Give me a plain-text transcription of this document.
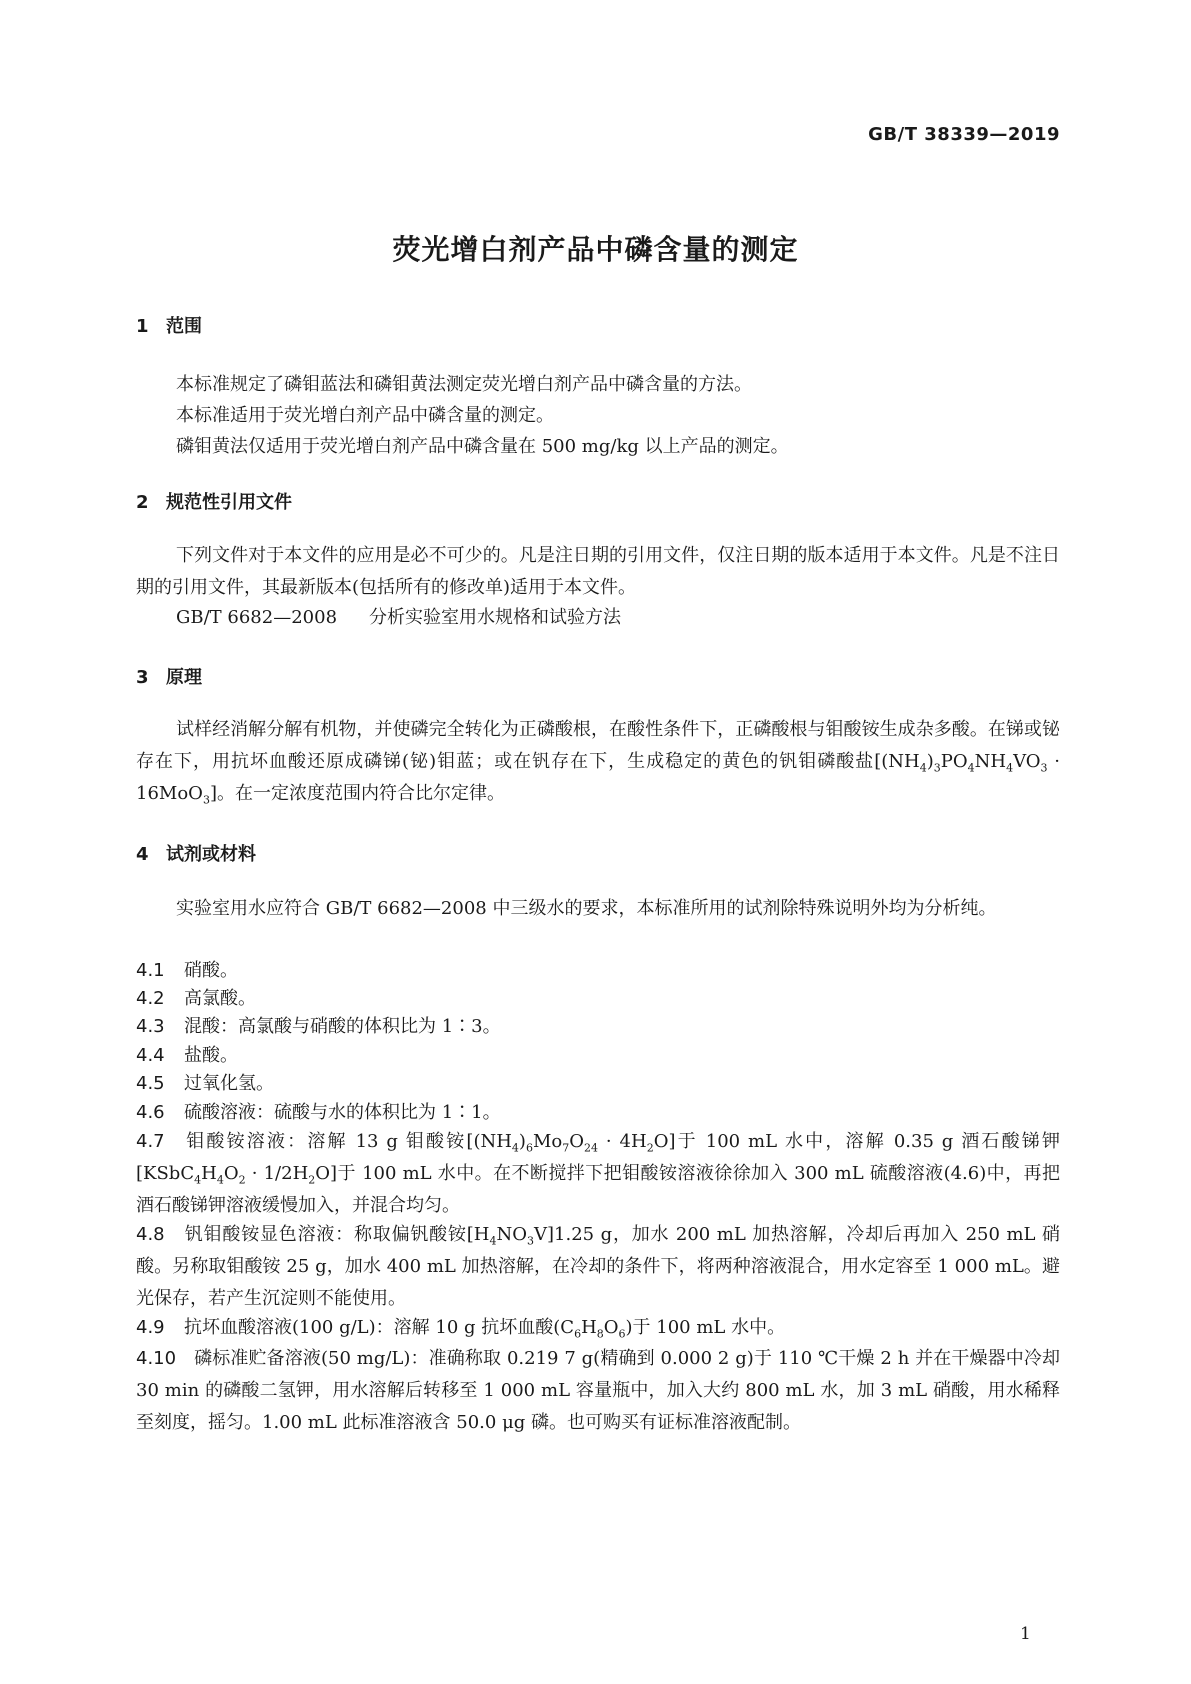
GB/T 38339—2019
荧光增白剂产品中磷含量的测定
1 范围
本标准规定了磷钼蓝法和磷钼黄法测定荧光增白剂产品中磷含量的方法。
本标准适用于荧光增白剂产品中磷含量的测定。
磷钼黄法仅适用于荧光增白剂产品中磷含量在 500 mg/kg 以上产品的测定。
2 规范性引用文件

下列文件对于本文件的应用是必不可少的。凡是注日期的引用文件，仅注日期的版本适用于本文件。凡是不注日期的引用文件，其最新版本(包括所有的修改单)适用于本文件。

GB/T 6682—2008 分析实验室用水规格和试验方法
3 原理

试样经消解分解有机物，并使磷完全转化为正磷酸根，在酸性条件下，正磷酸根与钼酸铵生成杂多酸。在锑或铋存在下，用抗坏血酸还原成磷锑(铋)钼蓝；或在钒存在下，生成稳定的黄色的钒钼磷酸盐$[(NH_4)_3PO_4NH_4VO_3 \cdot 16MoO_3]$。在一定浓度范围内符合比尔定律。

4 试剂或材料

实验室用水应符合 GB/T 6682—2008 中三级水的要求，本标准所用的试剂除特殊说明外均为分析纯。

4.1 硝酸。

4.2 高氯酸。

4.3 混酸：高氯酸与硝酸的体积比为 1∶3。

4.4 盐酸。

4.5 过氧化氢。

4.6 硫酸溶液：硫酸与水的体积比为 1∶1。

4.7 钼酸铵溶液：溶解 13 g 钼酸铵$[(NH_4)_6Mo_7O_{24} \cdot 4H_2O]$于 100 mL 水中，溶解 0.35 g 酒石酸锑钾$[KSbC_4H_4O_2 \cdot 1/2H_2O]$于 100 mL 水中。在不断搅拌下把钼酸铵溶液徐徐加入 300 mL 硫酸溶液(4.6)中，再把酒石酸锑钾溶液缓慢加入，并混合均匀。

4.8 钒钼酸铵显色溶液：称取偏钒酸铵$[H_4NO_3V]1.25$ g，加水 200 mL 加热溶解，冷却后再加入 250 mL 硝酸。另称取钼酸铵 25 g，加水 400 mL 加热溶解，在冷却的条件下，将两种溶液混合，用水定容至 1 000 mL。避光保存，若产生沉淀则不能使用。

4.9 抗坏血酸溶液(100 g/L)：溶解 10 g 抗坏血酸$(C_6H_8O_6)$于 100 mL 水中。

4.10 磷标准贮备溶液(50 mg/L)：准确称取 0.219 7 g(精确到 0.000 2 g)于 110 ℃干燥 2 h 并在干燥器中冷却 30 min 的磷酸二氢钾，用水溶解后转移至 1 000 mL 容量瓶中，加入大约 800 mL 水，加 3 mL 硝酸，用水稀释至刻度，摇匀。1.00 mL 此标准溶液含 50.0 μg 磷。也可购买有证标准溶液配制。

1
